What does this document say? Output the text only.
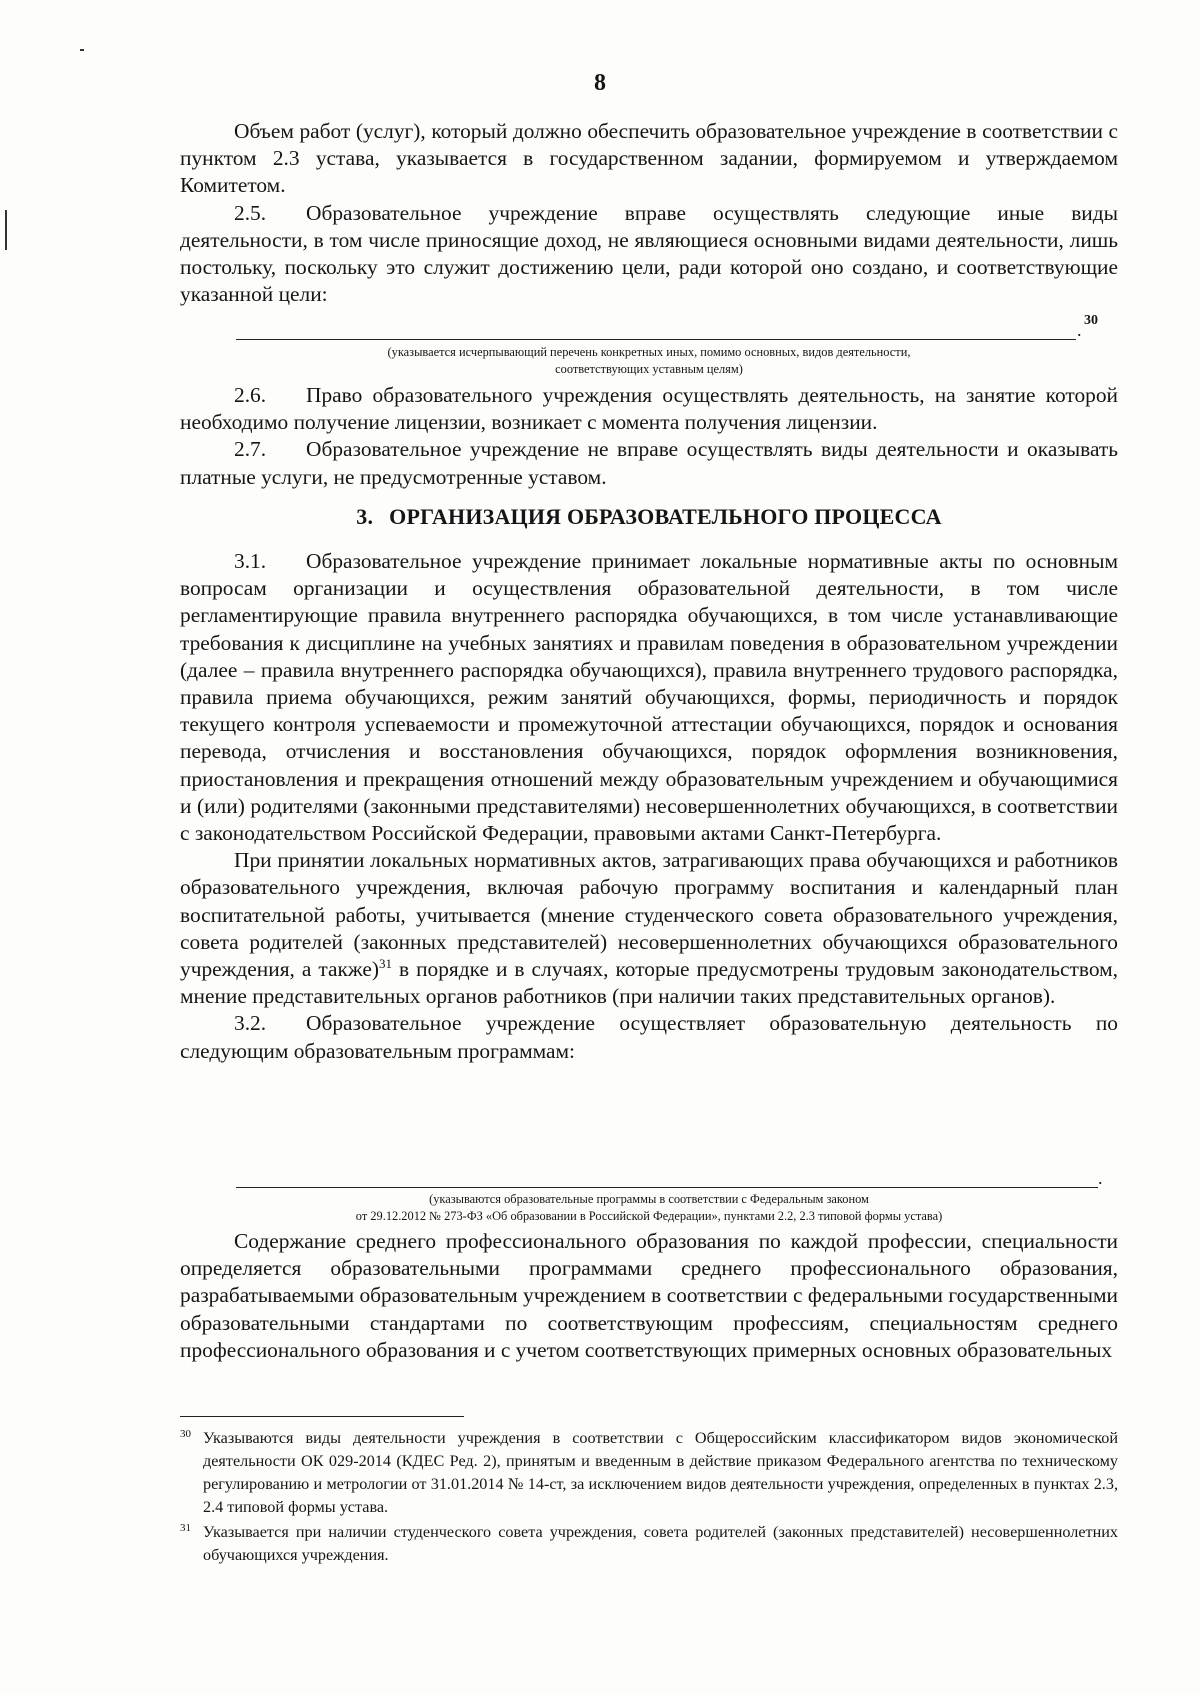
8

Объем работ (услуг), который должно обеспечить образовательное учреждение в соответствии с пунктом 2.3 устава, указывается в государственном задании, формируемом и утверждаемом Комитетом.

2.5. Образовательное учреждение вправе осуществлять следующие иные виды деятельности, в том числе приносящие доход, не являющиеся основными видами деятельности, лишь постольку, поскольку это служит достижению цели, ради которой оно создано, и соответствующие указанной цели:

30
.
(указывается исчерпывающий перечень конкретных иных, помимо основных, видов деятельности,
соответствующих уставным целям)

2.6. Право образовательного учреждения осуществлять деятельность, на занятие которой необходимо получение лицензии, возникает с момента получения лицензии.

2.7. Образовательное учреждение не вправе осуществлять виды деятельности и оказывать платные услуги, не предусмотренные уставом.

3. ОРГАНИЗАЦИЯ ОБРАЗОВАТЕЛЬНОГО ПРОЦЕССА

3.1. Образовательное учреждение принимает локальные нормативные акты по основным вопросам организации и осуществления образовательной деятельности, в том числе регламентирующие правила внутреннего распорядка обучающихся, в том числе устанавливающие требования к дисциплине на учебных занятиях и правилам поведения в образовательном учреждении (далее – правила внутреннего распорядка обучающихся), правила внутреннего трудового распорядка, правила приема обучающихся, режим занятий обучающихся, формы, периодичность и порядок текущего контроля успеваемости и промежуточной аттестации обучающихся, порядок и основания перевода, отчисления и восстановления обучающихся, порядок оформления возникновения, приостановления и прекращения отношений между образовательным учреждением и обучающимися и (или) родителями (законными представителями) несовершеннолетних обучающихся, в соответствии с законодательством Российской Федерации, правовыми актами Санкт-Петербурга.

При принятии локальных нормативных актов, затрагивающих права обучающихся и работников образовательного учреждения, включая рабочую программу воспитания и календарный план воспитательной работы, учитывается (мнение студенческого совета образовательного учреждения, совета родителей (законных представителей) несовершеннолетних обучающихся образовательного учреждения, а также)$^{31}$ в порядке и в случаях, которые предусмотрены трудовым законодательством, мнение представительных органов работников (при наличии таких представительных органов).

3.2. Образовательное учреждение осуществляет образовательную деятельность по следующим образовательным программам:

.
(указываются образовательные программы в соответствии с Федеральным законом
от 29.12.2012 № 273-ФЗ «Об образовании в Российской Федерации», пунктами 2.2, 2.3 типовой формы устава)

Содержание среднего профессионального образования по каждой профессии, специальности определяется образовательными программами среднего профессионального образования, разрабатываемыми образовательным учреждением в соответствии с федеральными государственными образовательными стандартами по соответствующим профессиям, специальностям среднего профессионального образования и с учетом соответствующих примерных основных образовательных

30 Указываются виды деятельности учреждения в соответствии с Общероссийским классификатором видов экономической деятельности ОК 029-2014 (КДЕС Ред. 2), принятым и введенным в действие приказом Федерального агентства по техническому регулированию и метрологии от 31.01.2014 № 14-ст, за исключением видов деятельности учреждения, определенных в пунктах 2.3, 2.4 типовой формы устава.
31 Указывается при наличии студенческого совета учреждения, совета родителей (законных представителей) несовершеннолетних обучающихся учреждения.
